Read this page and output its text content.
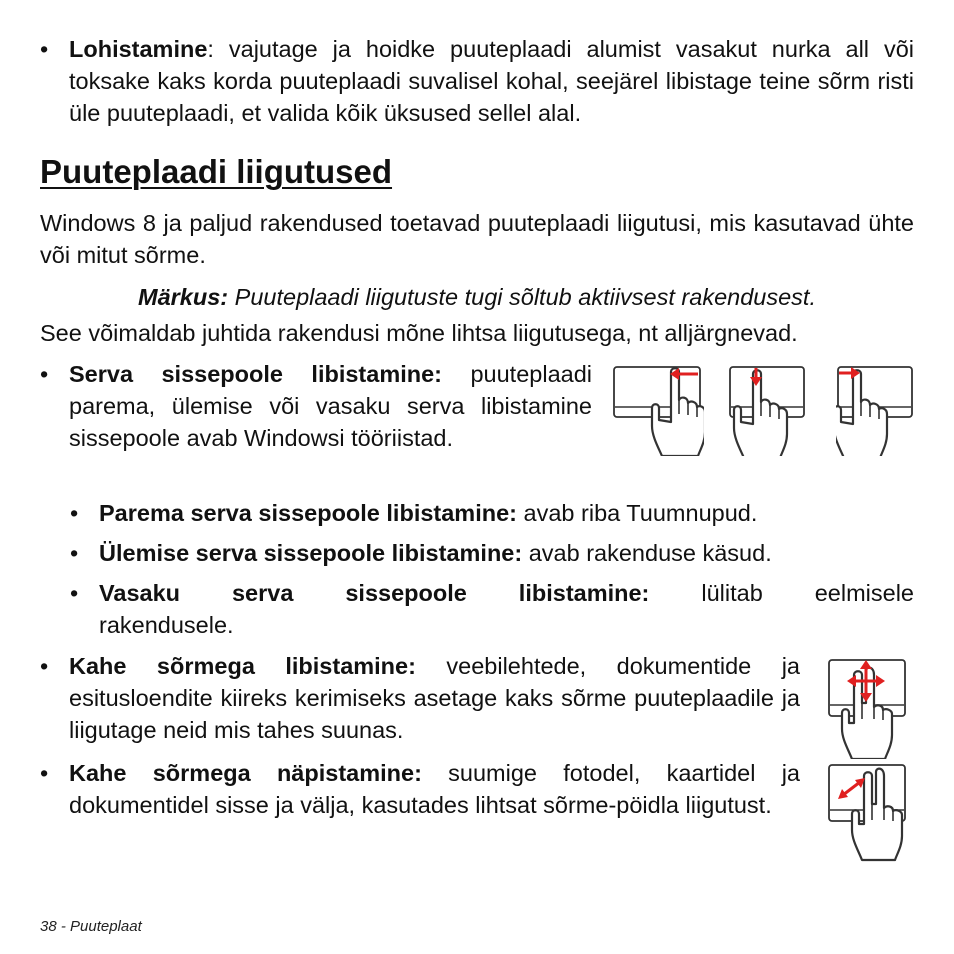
• Lohistamine: vajutage ja hoidke puuteplaadi alumist vasakut nurka all või toksake kaks korda puuteplaadi suvalisel kohal, seejärel libistage teine sõrm risti üle puuteplaadi, et valida kõik üksused sellel alal.
Puuteplaadi liigutused
Windows 8 ja paljud rakendused toetavad puuteplaadi liigutusi, mis kasutavad ühte või mitut sõrme.
Märkus: Puuteplaadi liigutuste tugi sõltub aktiivsest rakendusest.
See võimaldab juhtida rakendusi mõne lihtsa liigutusega, nt alljärgnevad.
• Serva sissepoole libistamine: puuteplaadi parema, ülemise või vasaku serva libistamine sissepoole avab Windowsi tööriistad.
• Parema serva sissepoole libistamine: avab riba Tuumnupud.
• Ülemise serva sissepoole libistamine: avab rakenduse käsud.
• Vasaku serva sissepoole libistamine: lülitab eelmisele rakendusele.
• Kahe sõrmega libistamine: veebilehtede, dokumentide ja esitusloendite kiireks kerimiseks asetage kaks sõrme puuteplaadile ja liigutage neid mis tahes suunas.
• Kahe sõrmega näpistamine: suumige fotodel, kaartidel ja dokumentidel sisse ja välja, kasutades lihtsat sõrme-pöidla liigutust.
38 - Puuteplaat
